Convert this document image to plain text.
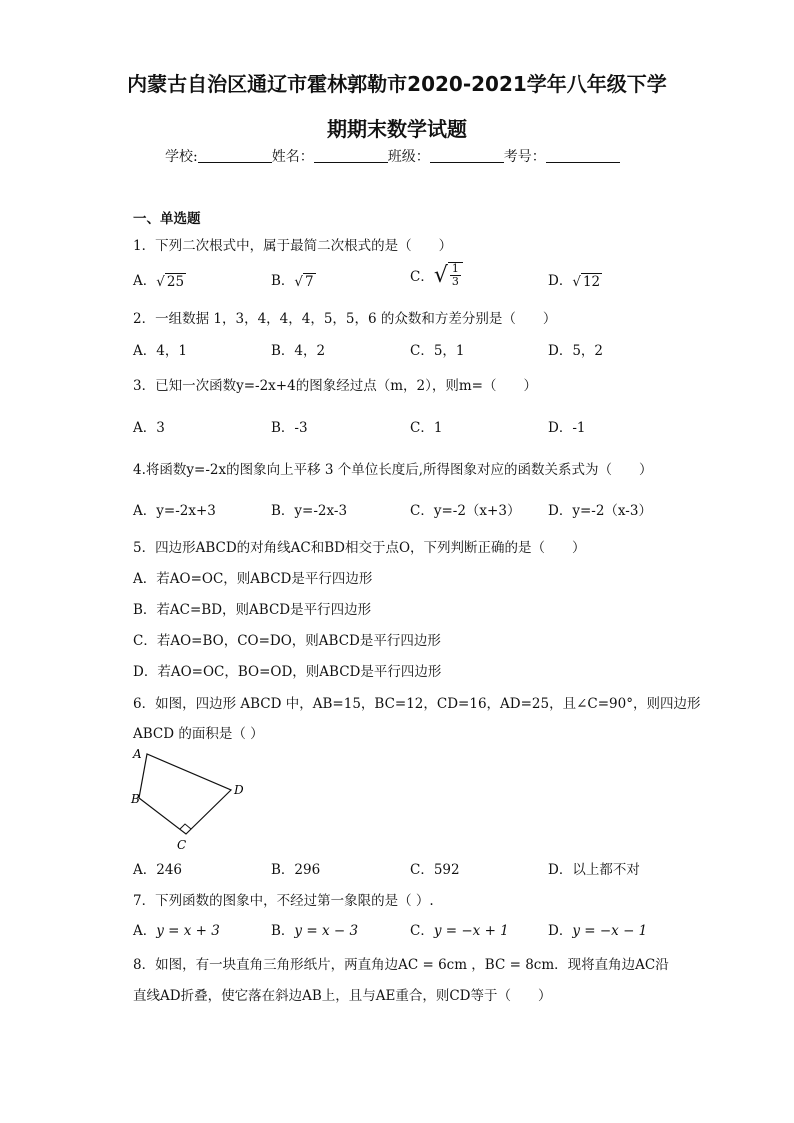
内蒙古自治区通辽市霍林郭勒市2020-2021学年八年级下学
期期末数学试题
学校:	姓名：	班级：	考号：
一、单选题
1．下列二次根式中，属于最简二次根式的是（　　）
A．√ 25	B．√ 7	C．√ $\frac{1}{3}$	D．√ 12
2．一组数据 1，3，4，4，4，5，5，6 的众数和方差分别是（　　）
A．4，1	B．4，2	C．5，1	D．5，2
3．已知一次函数y=-2x+4的图象经过点（m，2），则m=（　　）
A．3	B．-3	C．1	D．-1
4.将函数y=-2x的图象向上平移 3 个单位长度后,所得图象对应的函数关系式为（　　）
A．y=-2x+3	B．y=-2x-3	C．y=-2（x+3） D．y=-2（x-3）
5．四边形ABCD的对角线AC和BD相交于点O，下列判断正确的是（　　）
A．若AO=OC，则ABCD是平行四边形
B．若AC=BD，则ABCD是平行四边形
C．若AO=BO，CO=DO，则ABCD是平行四边形
D．若AO=OC，BO=OD，则ABCD是平行四边形
6．如图，四边形 ABCD 中，AB=15，BC=12，CD=16，AD=25，且∠C=90°，则四边形
ABCD 的面积是（ ）
A
B
C
D
A．246	B．296	C．592	D．以上都不对
7．下列函数的图象中，不经过第一象限的是（ ）.
A．y = x + 3	B．y = x − 3	C．y = −x + 1	D．y = −x − 1
8．如图，有一块直角三角形纸片，两直角边AC = 6cm ，BC = 8cm．现将直角边AC沿
直线AD折叠，使它落在斜边AB上，且与AE重合，则CD等于（　　）
